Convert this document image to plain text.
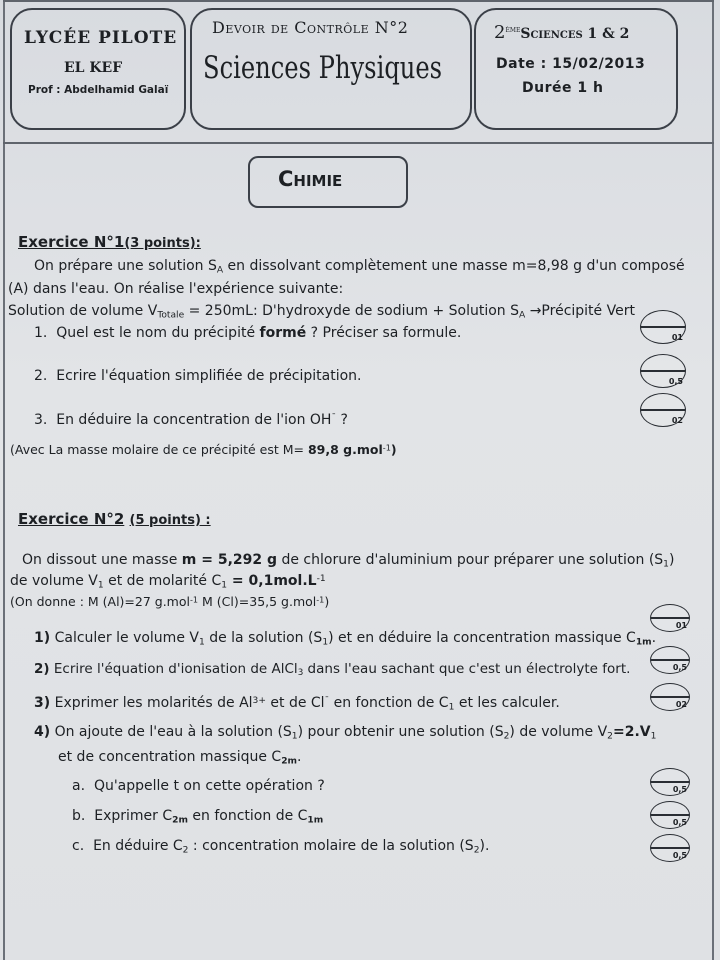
LYCÉE PILOTE
EL KEF
Prof : Abdelhamid Galaï
Devoir de Contrôle N°2
Sciences Physiques
2èmeSciences 1 & 2
Date : 15/02/2013
Durée 1 h
Chimie
Exercice N°1(3 points):
On prépare une solution $S_A$ en dissolvant complètement une masse m=8,98 g d'un composé
(A) dans l'eau. On réalise l'expérience suivante:
Solution de volume $V_{Totale} = 250mL$: D'hydroxyde de sodium + Solution $S_A$ →Précipité Vert
1. Quel est le nom du précipité formé ? Préciser sa formule.
2. Ecrire l'équation simplifiée de précipitation.
3. En déduire la concentration de l'ion OH¯ ?
(Avec La masse molaire de ce précipité est M= 89,8 g.mol$^{-1}$)
Exercice N°2 (5 points) :
On dissout une masse m = 5,292 g de chlorure d'aluminium pour préparer une solution $(S_1)$
de volume $V_1$ et de molarité $C_1 = 0,1mol.L^{-1}$
(On donne : M (Al)=27 g.mol$^{-1}$ M (Cl)=35,5 g.mol$^{-1}$)
1) Calculer le volume $V_1$ de la solution $(S_1)$ et en déduire la concentration massique $C_{1m}$.
2) Ecrire l'équation d'ionisation de AlCl$_3$ dans l'eau sachant que c'est un électrolyte fort.
3) Exprimer les molarités de $Al^{3+}$ et de Cl¯ en fonction de $C_1$ et les calculer.
4) On ajoute de l'eau à la solution $(S_1)$ pour obtenir une solution $(S_2)$ de volume $V_2=2.V_1$
et de concentration massique $C_{2m}$.
a. Qu'appelle t on cette opération ?
b. Exprimer $C_{2m}$ en fonction de $C_{1m}$
c. En déduire $C_2$ : concentration molaire de la solution $(S_2)$.
01
0,5
02
01
0,5
02
0,5
0,5
0,5
